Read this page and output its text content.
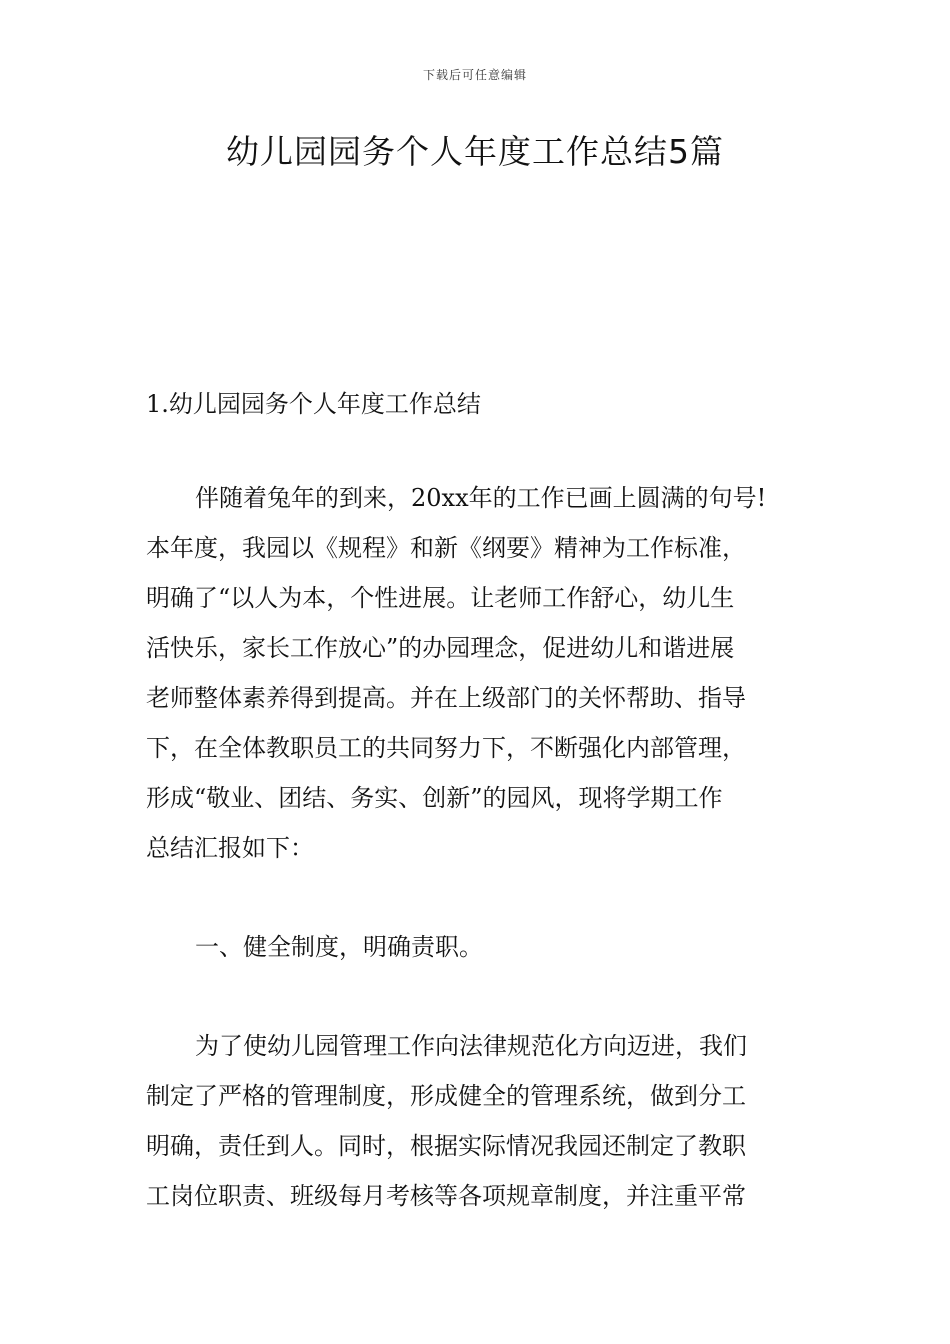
下载后可任意编辑
幼儿园园务个人年度工作总结5篇
1.幼儿园园务个人年度工作总结
伴随着兔年的到来，20xx年的工作已画上圆满的句号!
本年度，我园以《规程》和新《纲要》精神为工作标准，
明确了“以人为本，个性进展。让老师工作舒心，幼儿生
活快乐，家长工作放心”的办园理念，促进幼儿和谐进展
老师整体素养得到提高。并在上级部门的关怀帮助、指导
下，在全体教职员工的共同努力下，不断强化内部管理，
形成“敬业、团结、务实、创新”的园风，现将学期工作
总结汇报如下：
一、健全制度，明确责职。
为了使幼儿园管理工作向法律规范化方向迈进，我们
制定了严格的管理制度，形成健全的管理系统，做到分工
明确，责任到人。同时，根据实际情况我园还制定了教职
工岗位职责、班级每月考核等各项规章制度，并注重平常
